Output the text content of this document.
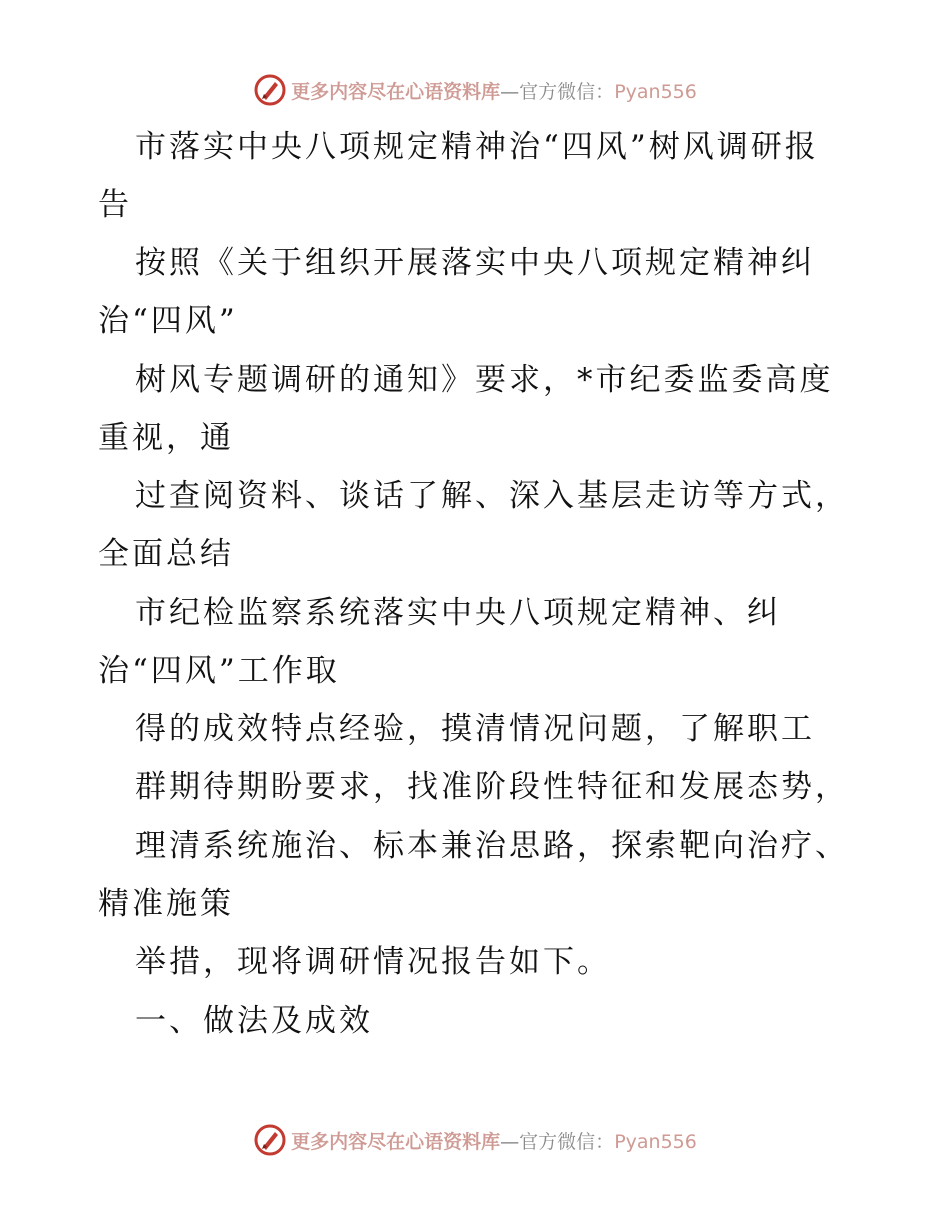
更多内容尽在心语资料库—官方微信：Pyan556
市落实中央八项规定精神治“四风”树风调研报
告
按照《关于组织开展落实中央八项规定精神纠
治“四风”
树风专题调研的通知》要求，*市纪委监委高度
重视，通
过查阅资料、谈话了解、深入基层走访等方式，
全面总结
市纪检监察系统落实中央八项规定精神、纠
治“四风”工作取
得的成效特点经验，摸清情况问题，了解职工
群期待期盼要求，找准阶段性特征和发展态势，
理清系统施治、标本兼治思路，探索靶向治疗、
精准施策
举措，现将调研情况报告如下。
一、做法及成效
更多内容尽在心语资料库—官方微信：Pyan556
